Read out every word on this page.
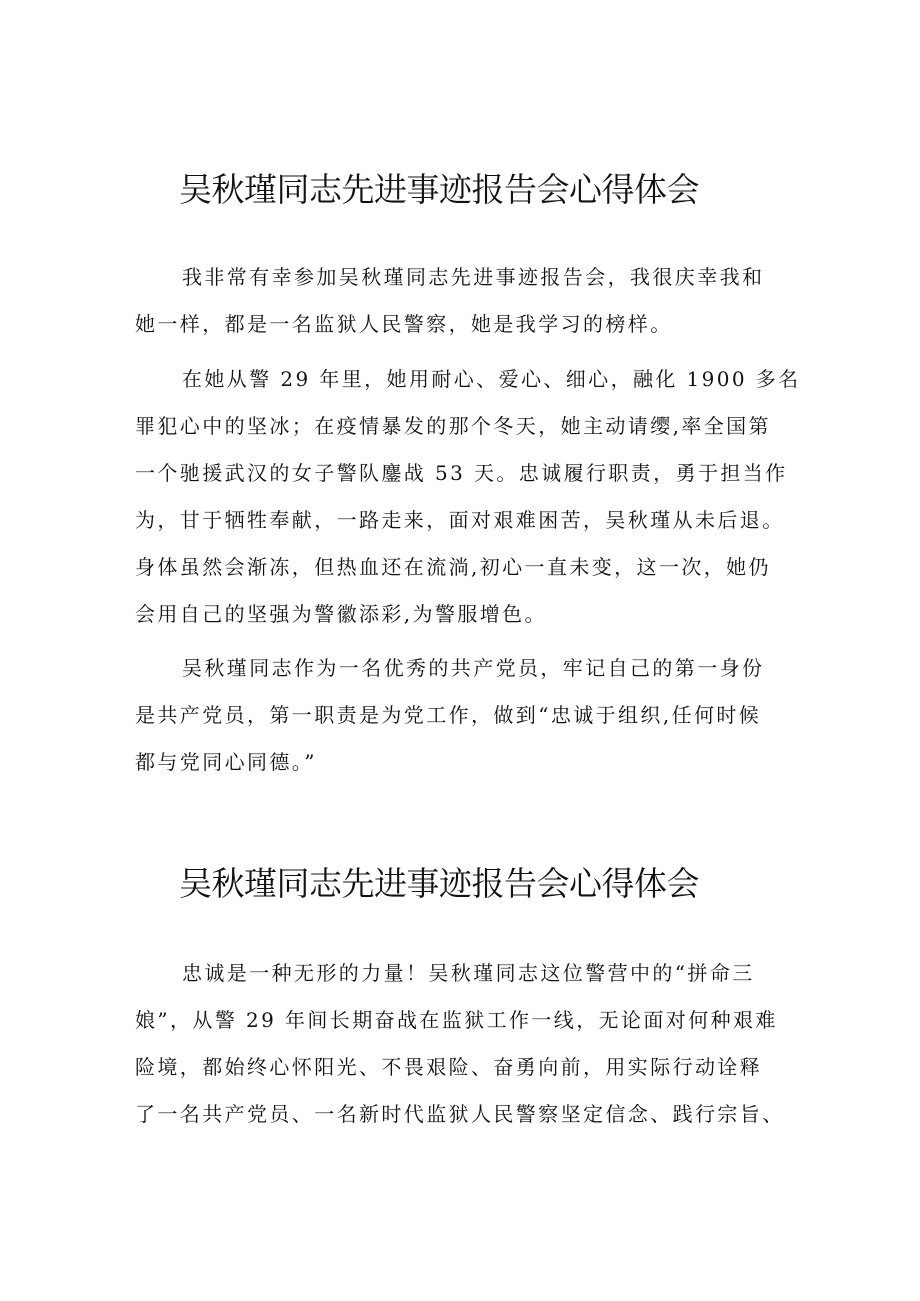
吴秋瑾同志先进事迹报告会心得体会

我非常有幸参加吴秋瑾同志先进事迹报告会，我很庆幸我和
她一样，都是一名监狱人民警察，她是我学习的榜样。

在她从警 29 年里，她用耐心、爱心、细心，融化 1900 多名
罪犯心中的坚冰；在疫情暴发的那个冬天，她主动请缨,率全国第
一个驰援武汉的女子警队鏖战 53 天。忠诚履行职责，勇于担当作
为，甘于牺牲奉献，一路走来，面对艰难困苦，吴秋瑾从未后退。
身体虽然会渐冻，但热血还在流淌,初心一直未变，这一次，她仍
会用自己的坚强为警徽添彩,为警服增色。

吴秋瑾同志作为一名优秀的共产党员，牢记自己的第一身份
是共产党员，第一职责是为党工作，做到“忠诚于组织,任何时候
都与党同心同德。”

吴秋瑾同志先进事迹报告会心得体会

忠诚是一种无形的力量！吴秋瑾同志这位警营中的“拼命三
娘”，从警 29 年间长期奋战在监狱工作一线，无论面对何种艰难
险境，都始终心怀阳光、不畏艰险、奋勇向前，用实际行动诠释
了一名共产党员、一名新时代监狱人民警察坚定信念、践行宗旨、
